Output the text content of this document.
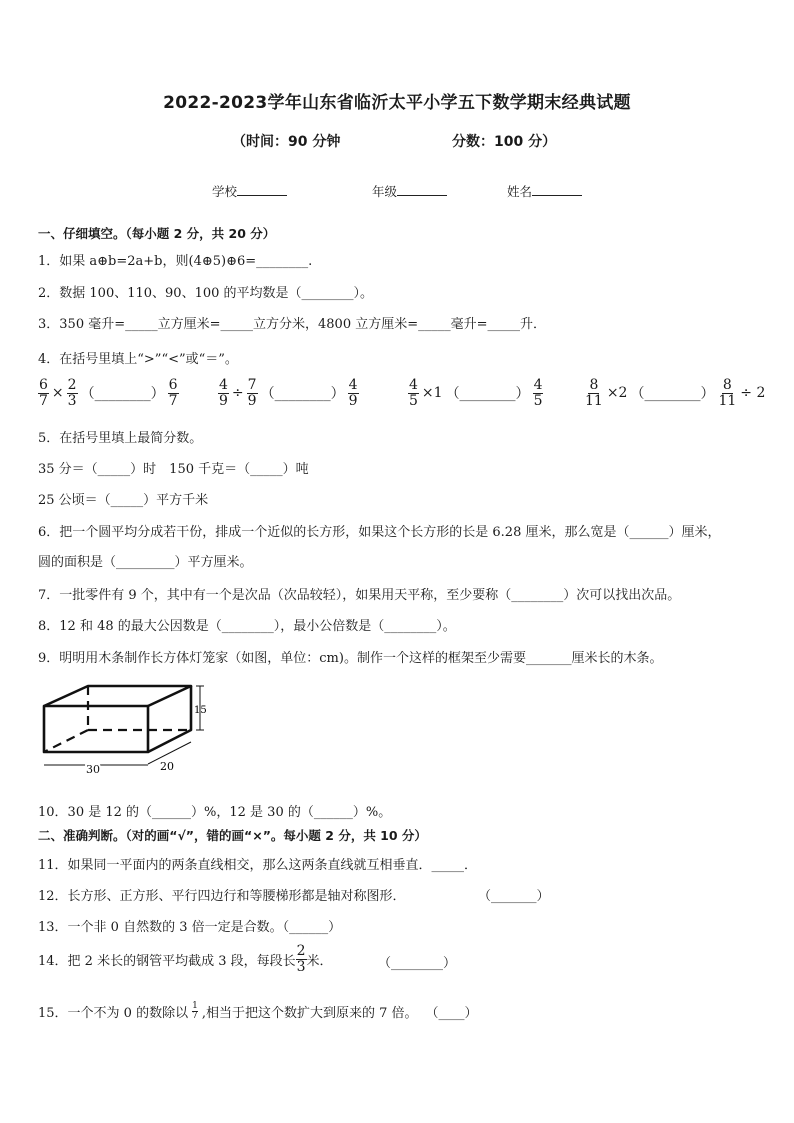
2022-2023学年山东省临沂太平小学五下数学期末经典试题
（时间：90 分钟	分数：100 分）
学校	年级	姓名
一、仔细填空。（每小题 2 分，共 20 分）
1．如果 a⊕b=2a+b，则(4⊕5)⊕6=________.
2．数据 100、110、90、100 的平均数是（________）。
3．350 毫升=_____立方厘米=_____立方分米，4800 立方厘米=_____毫升=_____升．
4．在括号里填上“>”“<”或“＝”。
$\frac{6}{7} \times \frac{2}{3}$ （________） $\frac{6}{7}$	$\frac{4}{9} \div \frac{7}{9}$ （________） $\frac{4}{9}$	$\frac{4}{5} \times 1$ （________） $\frac{4}{5}$	$\frac{8}{11} \times 2$ （________） $\frac{8}{11} \div 2$
5．在括号里填上最简分数。
35 分＝（_____）时　150 千克＝（_____）吨
25 公顷＝（_____）平方千米
6．把一个圆平均分成若干份，排成一个近似的长方形，如果这个长方形的长是 6.28 厘米，那么宽是（______）厘米，
圆的面积是（_________）平方厘米。
7．一批零件有 9 个，其中有一个是次品（次品较轻），如果用天平称，至少要称（________）次可以找出次品。
8．12 和 48 的最大公因数是（________），最小公倍数是（________）。
9．明明用木条制作长方体灯笼家（如图，单位：cm)。制作一个这样的框架至少需要_______厘米长的木条。
15
30	20
10．30 是 12 的（______）%，12 是 30 的（______）%。
二、准确判断。（对的画“√”，错的画“×”。每小题 2 分，共 10 分）
11．如果同一平面内的两条直线相交，那么这两条直线就互相垂直．_____．
12．长方形、正方形、平行四边行和等腰梯形都是轴对称图形．	（_______）
13．一个非 0 自然数的 3 倍一定是合数。（______）
14．把 2 米长的钢管平均截成 3 段，每段长 $\frac{2}{3}$ 米．	（________）
15．一个不为 0 的数除以 $\frac{1}{7}$ ,相当于把这个数扩大到原来的 7 倍。 （____）
